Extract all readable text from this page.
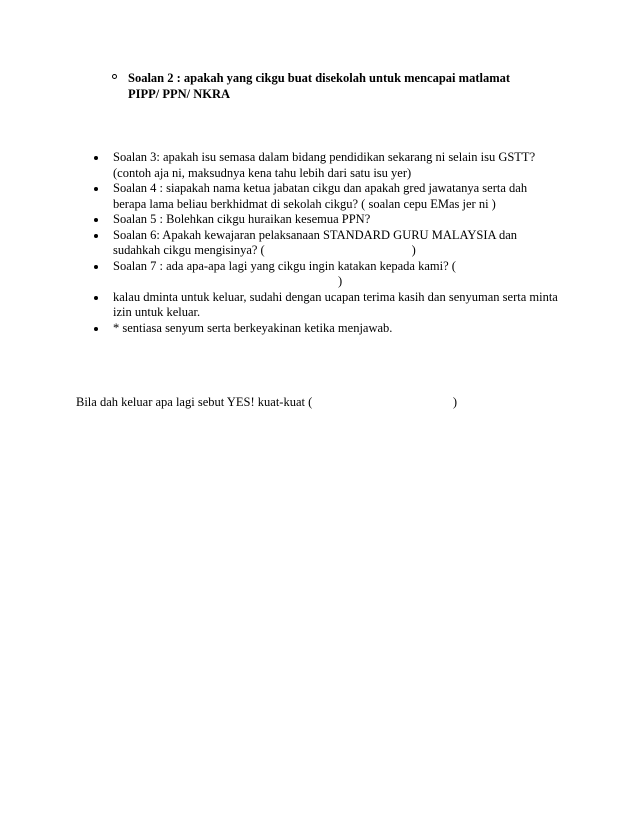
Soalan 2 : apakah yang cikgu buat disekolah untuk mencapai matlamat
PIPP/ PPN/ NKRA
Soalan 3: apakah isu semasa dalam bidang pendidikan sekarang ni selain isu GSTT?
(contoh aja ni, maksudnya kena tahu lebih dari satu isu yer)
Soalan 4 : siapakah nama ketua jabatan cikgu dan apakah gred jawatanya serta dah
berapa lama beliau berkhidmat di sekolah cikgu? ( soalan cepu EMas jer ni )
Soalan 5 : Bolehkan cikgu huraikan kesemua PPN?
Soalan 6: Apakah kewajaran pelaksanaan STANDARD GURU MALAYSIA dan
sudahkah cikgu mengisinya? (                                               )
Soalan 7 : ada apa-apa lagi yang cikgu ingin katakan kepada kami? (
)
kalau dminta untuk keluar, sudahi dengan ucapan terima kasih dan senyuman serta minta
izin untuk keluar.
* sentiasa senyum serta berkeyakinan ketika menjawab.
Bila dah keluar apa lagi sebut YES! kuat-kuat (                                             )
